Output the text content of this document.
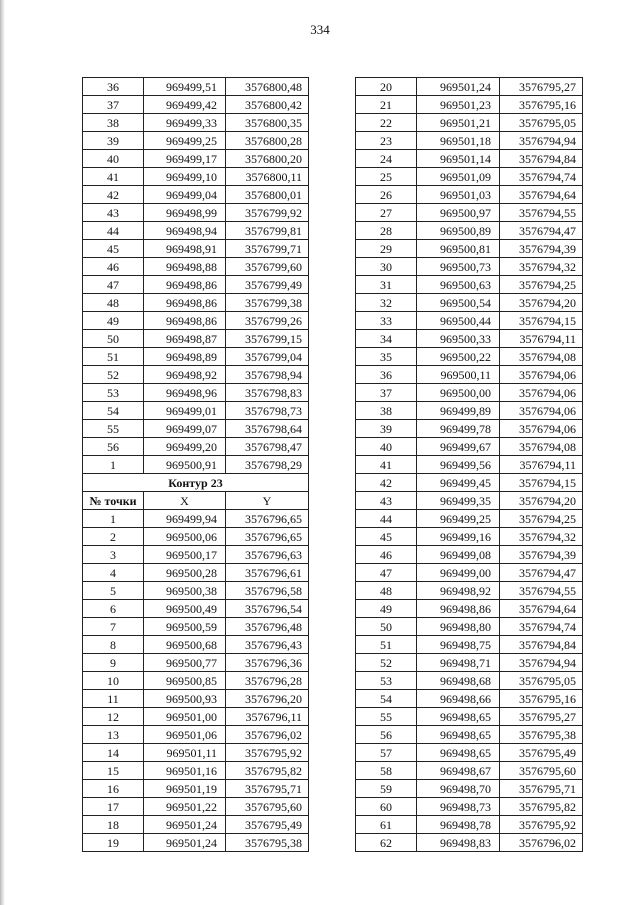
334
36	969499,51	3576800,48
37	969499,42	3576800,42
38	969499,33	3576800,35
39	969499,25	3576800,28
40	969499,17	3576800,20
41	969499,10	3576800,11
42	969499,04	3576800,01
43	969498,99	3576799,92
44	969498,94	3576799,81
45	969498,91	3576799,71
46	969498,88	3576799,60
47	969498,86	3576799,49
48	969498,86	3576799,38
49	969498,86	3576799,26
50	969498,87	3576799,15
51	969498,89	3576799,04
52	969498,92	3576798,94
53	969498,96	3576798,83
54	969499,01	3576798,73
55	969499,07	3576798,64
56	969499,20	3576798,47
1	969500,91	3576798,29
Контур 23		
№ точки	X	Y
1	969499,94	3576796,65
2	969500,06	3576796,65
3	969500,17	3576796,63
4	969500,28	3576796,61
5	969500,38	3576796,58
6	969500,49	3576796,54
7	969500,59	3576796,48
8	969500,68	3576796,43
9	969500,77	3576796,36
10	969500,85	3576796,28
11	969500,93	3576796,20
12	969501,00	3576796,11
13	969501,06	3576796,02
14	969501,11	3576795,92
15	969501,16	3576795,82
16	969501,19	3576795,71
17	969501,22	3576795,60
18	969501,24	3576795,49
19	969501,24	3576795,38
20	969501,24	3576795,27
21	969501,23	3576795,16
22	969501,21	3576795,05
23	969501,18	3576794,94
24	969501,14	3576794,84
25	969501,09	3576794,74
26	969501,03	3576794,64
27	969500,97	3576794,55
28	969500,89	3576794,47
29	969500,81	3576794,39
30	969500,73	3576794,32
31	969500,63	3576794,25
32	969500,54	3576794,20
33	969500,44	3576794,15
34	969500,33	3576794,11
35	969500,22	3576794,08
36	969500,11	3576794,06
37	969500,00	3576794,06
38	969499,89	3576794,06
39	969499,78	3576794,06
40	969499,67	3576794,08
41	969499,56	3576794,11
42	969499,45	3576794,15
43	969499,35	3576794,20
44	969499,25	3576794,25
45	969499,16	3576794,32
46	969499,08	3576794,39
47	969499,00	3576794,47
48	969498,92	3576794,55
49	969498,86	3576794,64
50	969498,80	3576794,74
51	969498,75	3576794,84
52	969498,71	3576794,94
53	969498,68	3576795,05
54	969498,66	3576795,16
55	969498,65	3576795,27
56	969498,65	3576795,38
57	969498,65	3576795,49
58	969498,67	3576795,60
59	969498,70	3576795,71
60	969498,73	3576795,82
61	969498,78	3576795,92
62	969498,83	3576796,02
